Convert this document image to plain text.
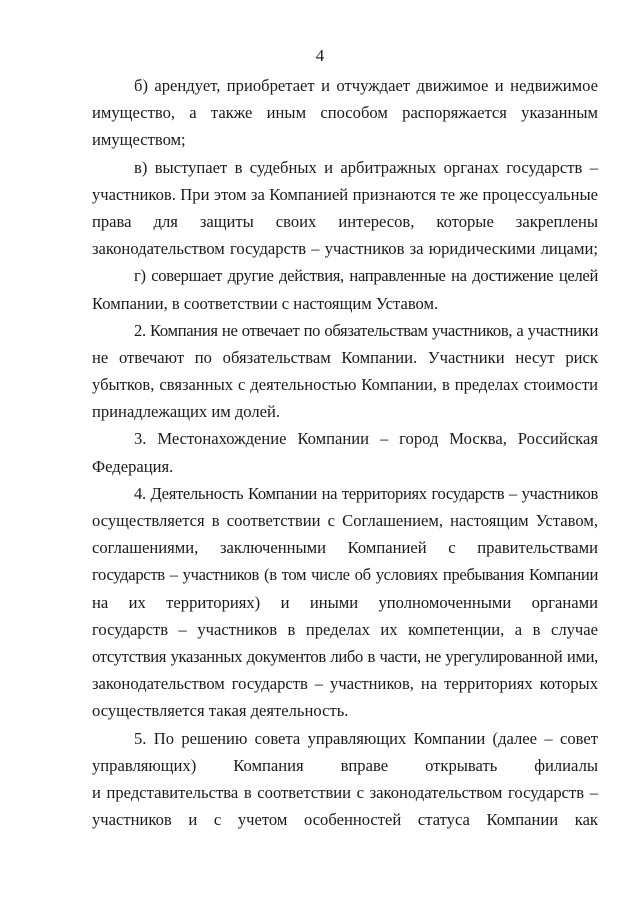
4
б) арендует, приобретает и отчуждает движимое и недвижимое
имущество, а также иным способом распоряжается указанным
имуществом;
в) выступает в судебных и арбитражных органах государств –
участников. При этом за Компанией признаются те же процессуальные
права для защиты своих интересов, которые закреплены
законодательством государств – участников за юридическими лицами;
г) совершает другие действия, направленные на достижение целей
Компании, в соответствии с настоящим Уставом.
2. Компания не отвечает по обязательствам участников, а участники
не отвечают по обязательствам Компании. Участники несут риск
убытков, связанных с деятельностью Компании, в пределах стоимости
принадлежащих им долей.
3. Местонахождение Компании – город Москва, Российская
Федерация.
4. Деятельность Компании на территориях государств – участников
осуществляется в соответствии с Соглашением, настоящим Уставом,
соглашениями, заключенными Компанией с правительствами
государств – участников (в том числе об условиях пребывания Компании
на их территориях) и иными уполномоченными органами
государств – участников в пределах их компетенции, а в случае
отсутствия указанных документов либо в части, не урегулированной ими,
законодательством государств – участников, на территориях которых
осуществляется такая деятельность.
5. По решению совета управляющих Компании (далее – совет
управляющих) Компания вправе открывать филиалы
и представительства в соответствии с законодательством государств –
участников и с учетом особенностей статуса Компании как
